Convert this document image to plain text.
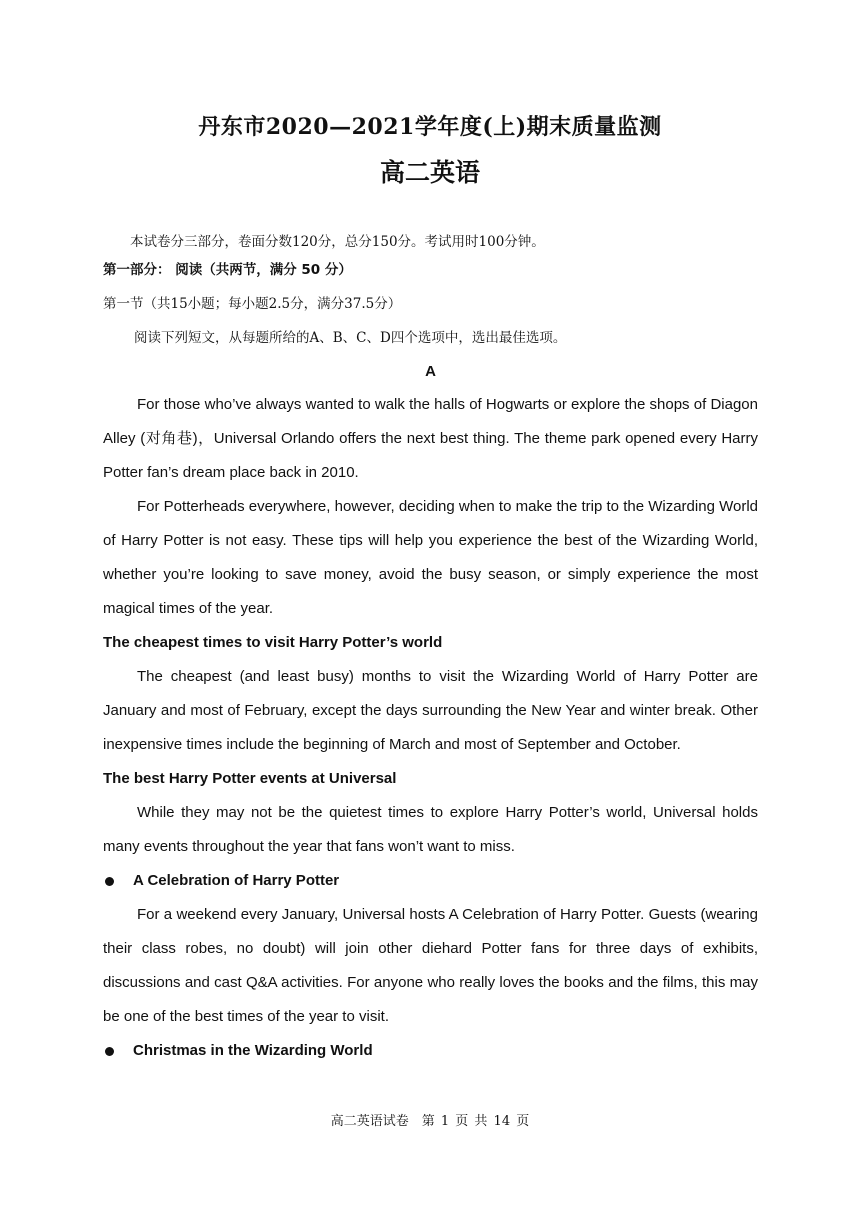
丹东市2020—2021学年度(上)期末质量监测
高二英语
本试卷分三部分，卷面分数120分，总分150分。考试用时100分钟。
第一部分： 阅读（共两节，满分 50 分）
第一节（共15小题；每小题2.5分，满分37.5分）
阅读下列短文，从每题所给的A、B、C、D四个选项中，选出最佳选项。
A

For those who’ve always wanted to walk the halls of Hogwarts or explore the shops of Diagon Alley (对角巷)，Universal Orlando offers the next best thing. The theme park opened every Harry Potter fan’s dream place back in 2010.

For Potterheads everywhere, however, deciding when to make the trip to the Wizarding World of Harry Potter is not easy. These tips will help you experience the best of the Wizarding World, whether you’re looking to save money, avoid the busy season, or simply experience the most magical times of the year.

The cheapest times to visit Harry Potter’s world

The cheapest (and least busy) months to visit the Wizarding World of Harry Potter are January and most of February, except the days surrounding the New Year and winter break. Other inexpensive times include the beginning of March and most of September and October.

The best Harry Potter events at Universal

While they may not be the quietest times to explore Harry Potter’s world, Universal holds many events throughout the year that fans won’t want to miss.

A Celebration of Harry Potter

For a weekend every January, Universal hosts A Celebration of Harry Potter. Guests (wearing their class robes, no doubt) will join other diehard Potter fans for three days of exhibits, discussions and cast Q&A activities. For anyone who really loves the books and the films, this may be one of the best times of the year to visit.

Christmas in the Wizarding World
高二英语试卷　第 1 页 共 14 页
